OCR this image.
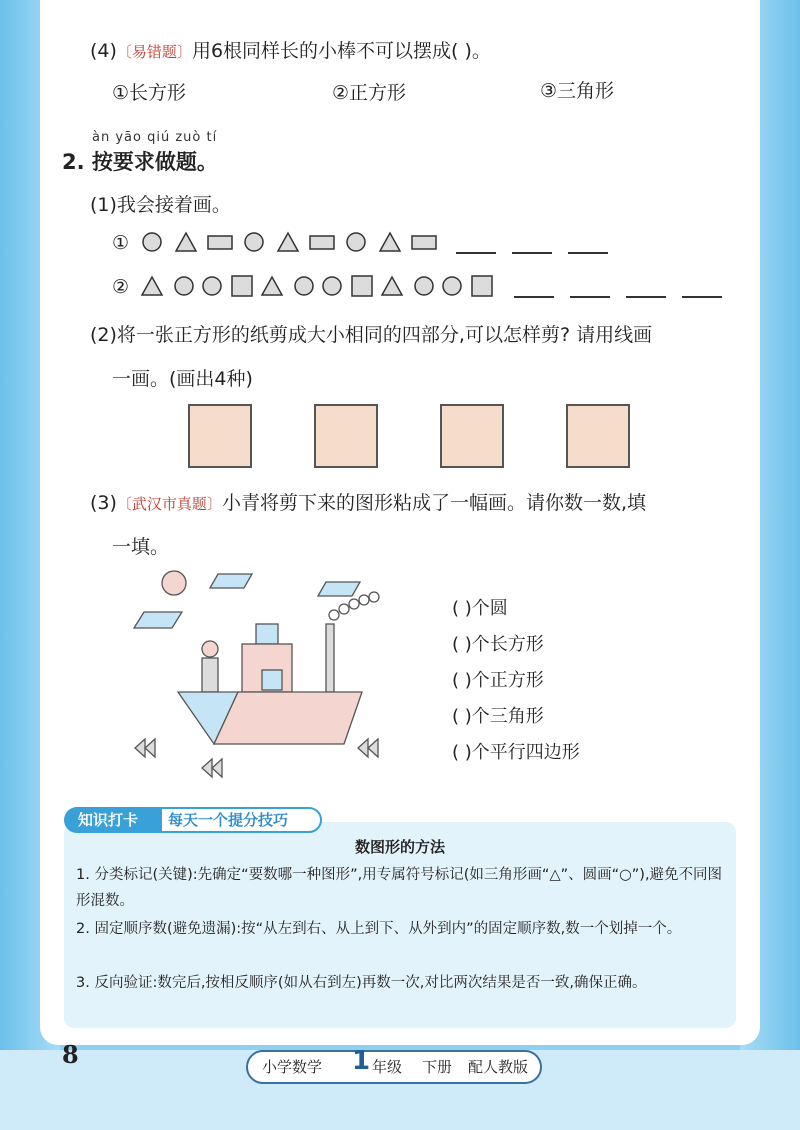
(4)〔易错题〕用6根同样长的小棒不可以摆成( )。
①长方形	②正方形	③三角形
àn yāo qiú zuò tí
2. 按要求做题。
(1)我会接着画。
①
②
(2)将一张正方形的纸剪成大小相同的四部分,可以怎样剪? 请用线画
一画。(画出4种)
(3)〔武汉市真题〕小青将剪下来的图形粘成了一幅画。请你数一数,填
一填。
( )个圆
( )个长方形
( )个正方形
( )个三角形
( )个平行四边形
知识打卡	每天一个提分技巧
数图形的方法
1. 分类标记(关键):先确定“要数哪一种图形”,用专属符号标记(如三角形画“△”、圆画“○”),避免不同图形混数。
2. 固定顺序数(避免遗漏):按“从左到右、从上到下、从外到内”的固定顺序数,数一个划掉一个。
3. 反向验证:数完后,按相反顺序(如从右到左)再数一次,对比两次结果是否一致,确保正确。
8	小学数学 1 年级 下册 配人教版
